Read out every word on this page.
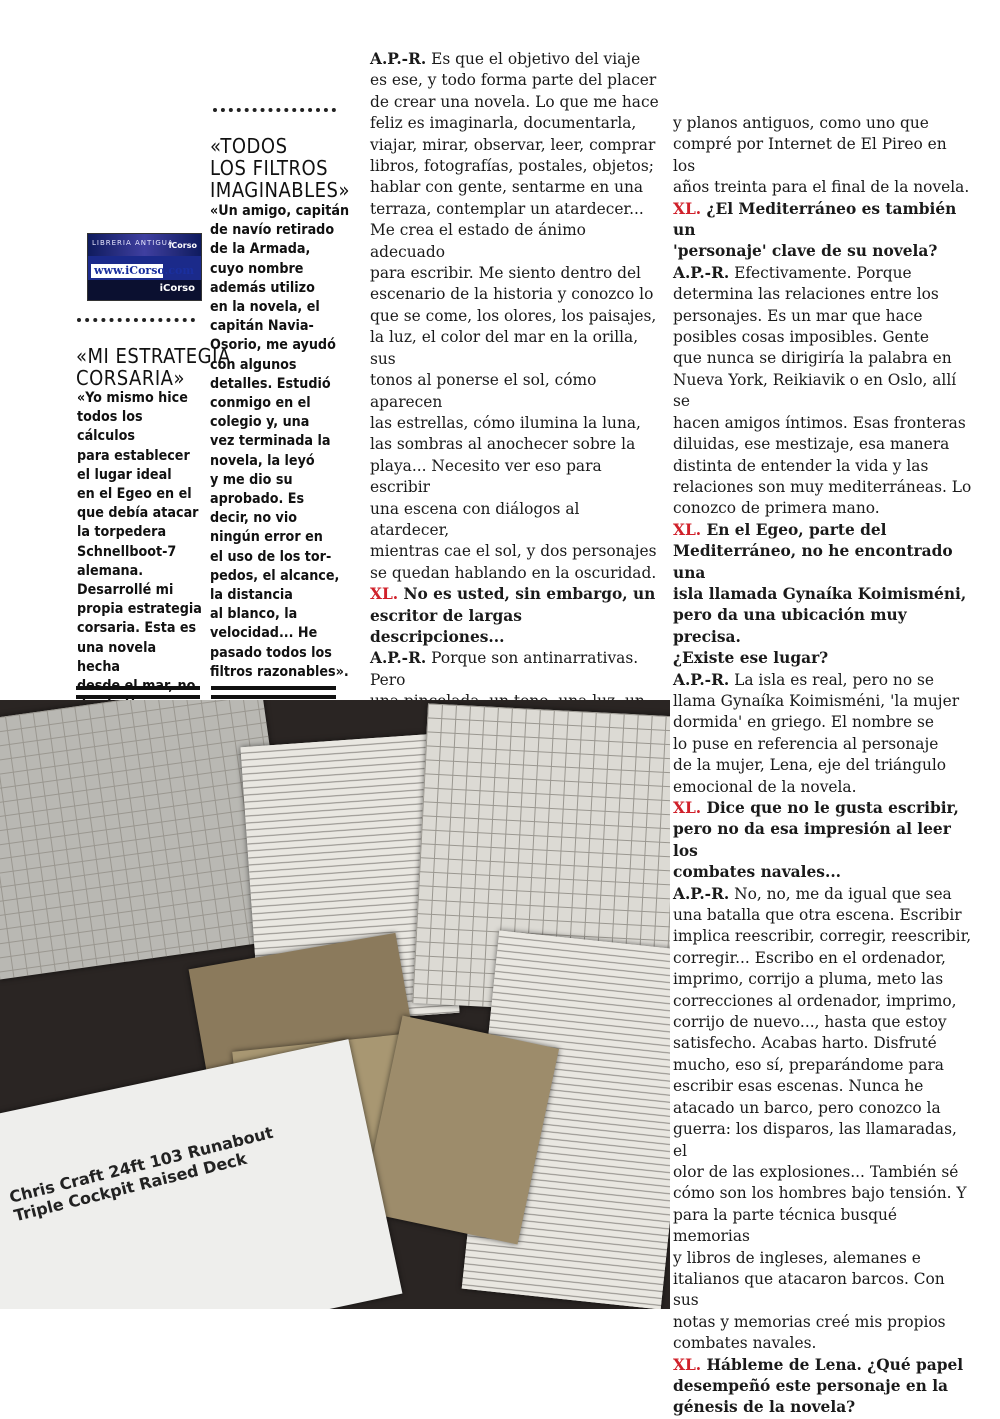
«TODOS
LOS FILTROS
IMAGINABLES»
«Un amigo, capitán
de navío retirado
de la Armada,
cuyo nombre
además utilizo
en la novela, el
capitán Navia-
Osorio, me ayudó
con algunos
detalles. Estudió
conmigo en el
colegio y, una
vez terminada la
novela, la leyó
y me dio su
aprobado. Es
decir, no vio
ningún error en
el uso de los tor-
pedos, el alcance,
la distancia
al blanco, la
velocidad... He
pasado todos los
filtros razonables».
LIBRERIA ANTIGUA
iCorso
www.iCorso.com
iCorso
«MI ESTRATEGIA
CORSARIA»
«Yo mismo hice
todos los cálculos
para establecer
el lugar ideal
en el Egeo en el
que debía atacar
la torpedera
Schnellboot-7
alemana.
Desarrollé mi
propia estrategia
corsaria. Esta es
una novela hecha

A.P.-R. Es que el objetivo del viaje
es ese, y todo forma parte del placer
de crear una novela. Lo que me hace
feliz es imaginarla, documentarla,
viajar, mirar, observar, leer, comprar
libros, fotografías, postales, objetos;
hablar con gente, sentarme en una
terraza, contemplar un atardecer...
Me crea el estado de ánimo adecuado
para escribir. Me siento dentro del
escenario de la historia y conozco lo
que se come, los olores, los paisajes,
la luz, el color del mar en la orilla, sus
tonos al ponerse el sol, cómo aparecen
las estrellas, cómo ilumina la luna,
las sombras al anochecer sobre la
playa... Necesito ver eso para escribir
una escena con diálogos al atardecer,
mientras cae el sol, y dos personajes
se quedan hablando en la oscuridad.
XL. No es usted, sin embargo, un
escritor de largas descripciones...
A.P.-R. Porque son antinarrativas. Pero

y planos antiguos, como uno que
compré por Internet de El Pireo en los
años treinta para el final de la novela.
XL. ¿El Mediterráneo es también un
'personaje' clave de su novela?
A.P.-R. Efectivamente. Porque
determina las relaciones entre los
personajes. Es un mar que hace
posibles cosas imposibles. Gente
que nunca se dirigiría la palabra en
Nueva York, Reikiavik o en Oslo, allí se
hacen amigos íntimos. Esas fronteras
diluidas, ese mestizaje, esa manera
distinta de entender la vida y las
relaciones son muy mediterráneas. Lo
conozco de primera mano.
XL. En el Egeo, parte del
Mediterráneo, no he encontrado una
isla llamada Gynaíka Koimisméni,
pero da una ubicación muy precisa.
¿Existe ese lugar?
A.P.-R. La isla es real, pero no se
llama Gynaíka Koimisméni, 'la mujer
dormida' en griego. El nombre se
lo puse en referencia al personaje
de la mujer, Lena, eje del triángulo
emocional de la novela.
XL. Dice que no le gusta escribir,
pero no da esa impresión al leer los
combates navales...
A.P.-R. No, no, me da igual que sea
una batalla que otra escena. Escribir
implica reescribir, corregir, reescribir,
corregir... Escribo en el ordenador,
imprimo, corrijo a pluma, meto las
correcciones al ordenador, imprimo,
corrijo de nuevo..., hasta que estoy
satisfecho. Acabas harto. Disfruté
mucho, eso sí, preparándome para
escribir esas escenas. Nunca he
atacado un barco, pero conozco la
guerra: los disparos, las llamaradas, el
olor de las explosiones... También sé
cómo son los hombres bajo tensión. Y
para la parte técnica busqué memorias
y libros de ingleses, alemanes e
italianos que atacaron barcos. Con sus
notas y memorias creé mis propios
combates navales.
XL. Hábleme de Lena. ¿Qué papel
desempeñó este personaje en la
génesis de la novela?
Chris Craft 24ft 103 Runabout
Triple Cockpit Raised Deck
